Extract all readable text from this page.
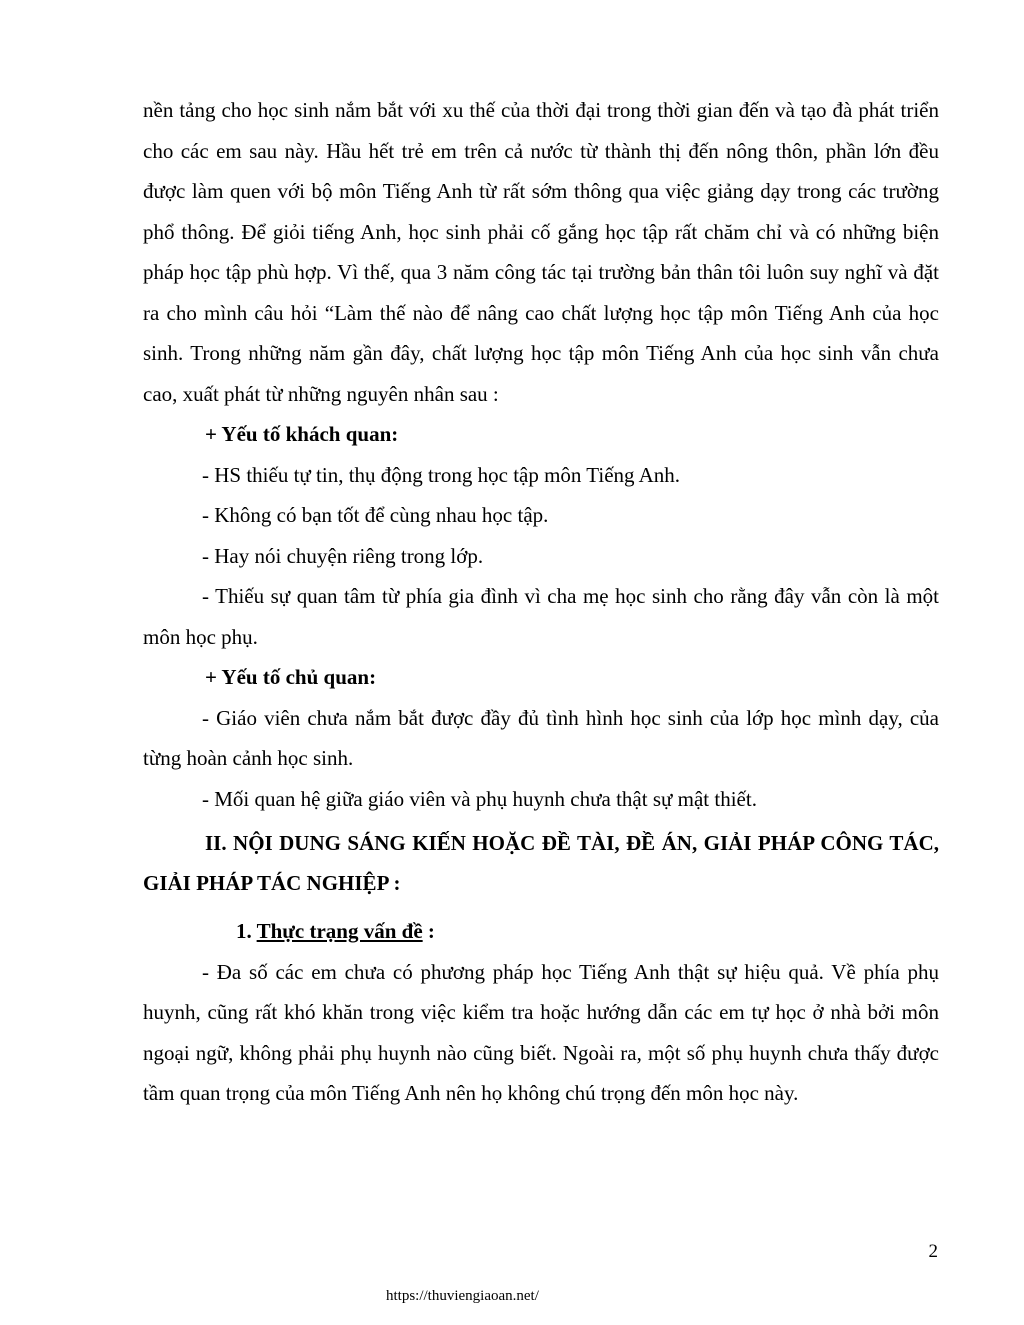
nền tảng cho học sinh nắm bắt với xu thế của thời đại trong thời gian đến và tạo đà phát triển cho các em sau này. Hầu hết trẻ em trên cả nước từ thành thị đến nông thôn, phần lớn đều được làm quen với bộ môn Tiếng Anh từ rất sớm thông qua việc giảng dạy trong các trường phổ thông. Để giỏi tiếng Anh, học sinh phải cố gắng học tập rất chăm chỉ và có những biện pháp học tập phù hợp. Vì thế, qua 3 năm công tác tại trường bản thân tôi luôn suy nghĩ và đặt ra cho mình câu hỏi “Làm thế nào để nâng cao chất lượng học tập môn Tiếng Anh của học sinh. Trong những năm gần đây, chất lượng học tập môn Tiếng Anh của học sinh vẫn chưa cao, xuất phát từ những nguyên nhân sau :

+ Yếu tố khách quan:

- HS thiếu tự tin, thụ động trong học tập môn Tiếng Anh.

- Không có bạn tốt để cùng nhau học tập.

- Hay nói chuyện riêng trong lớp.

- Thiếu sự quan tâm từ phía gia đình vì cha mẹ học sinh cho rằng đây vẫn còn là một môn học phụ.

+ Yếu tố chủ quan:

- Giáo viên chưa nắm bắt được đầy đủ tình hình học sinh của lớp học mình dạy, của từng hoàn cảnh học sinh.

- Mối quan hệ giữa giáo viên và phụ huynh chưa thật sự mật thiết.

II. NỘI DUNG SÁNG KIẾN HOẶC ĐỀ TÀI, ĐỀ ÁN, GIẢI PHÁP CÔNG TÁC, GIẢI PHÁP TÁC NGHIỆP :

1. Thực trạng vấn đề :

- Đa số các em chưa có phương pháp học Tiếng Anh thật sự hiệu quả. Về phía phụ huynh, cũng rất khó khăn trong việc kiểm tra hoặc hướng dẫn các em tự học ở nhà bởi môn ngoại ngữ, không phải phụ huynh nào cũng biết. Ngoài ra, một số phụ huynh chưa thấy được tầm quan trọng của môn Tiếng Anh nên họ không chú trọng đến môn học này.

2
https://thuviengiaoan.net/
